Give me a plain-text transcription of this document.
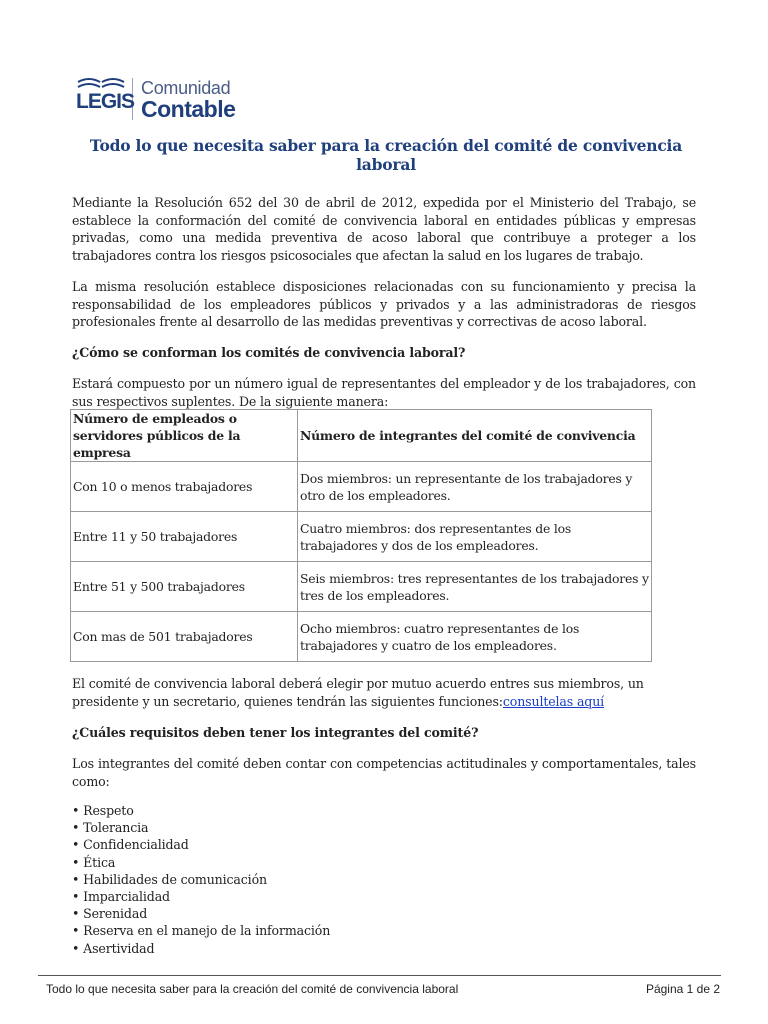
LEGIS
Comunidad
Contable
Todo lo que necesita saber para la creación del comité de convivencia laboral

Mediante la Resolución 652 del 30 de abril de 2012, expedida por el Ministerio del Trabajo, se establece la conformación del comité de convivencia laboral en entidades públicas y empresas privadas, como una medida preventiva de acoso laboral que contribuye a proteger a los trabajadores contra los riesgos psicosociales que afectan la salud en los lugares de trabajo.

La misma resolución establece disposiciones relacionadas con su funcionamiento y precisa la responsabilidad de los empleadores públicos y privados y a las administradoras de riesgos profesionales frente al desarrollo de las medidas preventivas y correctivas de acoso laboral.

¿Cómo se conforman los comités de convivencia laboral?

Estará compuesto por un número igual de representantes del empleador y de los trabajadores, con sus respectivos suplentes. De la siguiente manera:

Número de empleados o servidores públicos de la empresa	Número de integrantes del comité de convivencia
Con 10 o menos trabajadores	Dos miembros: un representante de los trabajadores y otro de los empleadores.
Entre 11 y 50 trabajadores	Cuatro miembros: dos representantes de los trabajadores y dos de los empleadores.
Entre 51 y 500 trabajadores	Seis miembros: tres representantes de los trabajadores y tres de los empleadores.
Con mas de 501 trabajadores	Ocho miembros: cuatro representantes de los trabajadores y cuatro de los empleadores.

El comité de convivencia laboral deberá elegir por mutuo acuerdo entres sus miembros, un presidente y un secretario, quienes tendrán las siguientes funciones:consultelas aquí

¿Cuáles requisitos deben tener los integrantes del comité?

Los integrantes del comité deben contar con competencias actitudinales y comportamentales, tales como:

• Respeto
• Tolerancia
• Confidencialidad
• Ética
• Habilidades de comunicación
• Imparcialidad
• Serenidad
• Reserva en el manejo de la información
• Asertividad
Todo lo que necesita saber para la creación del comité de convivencia laboral	Página 1 de 2
